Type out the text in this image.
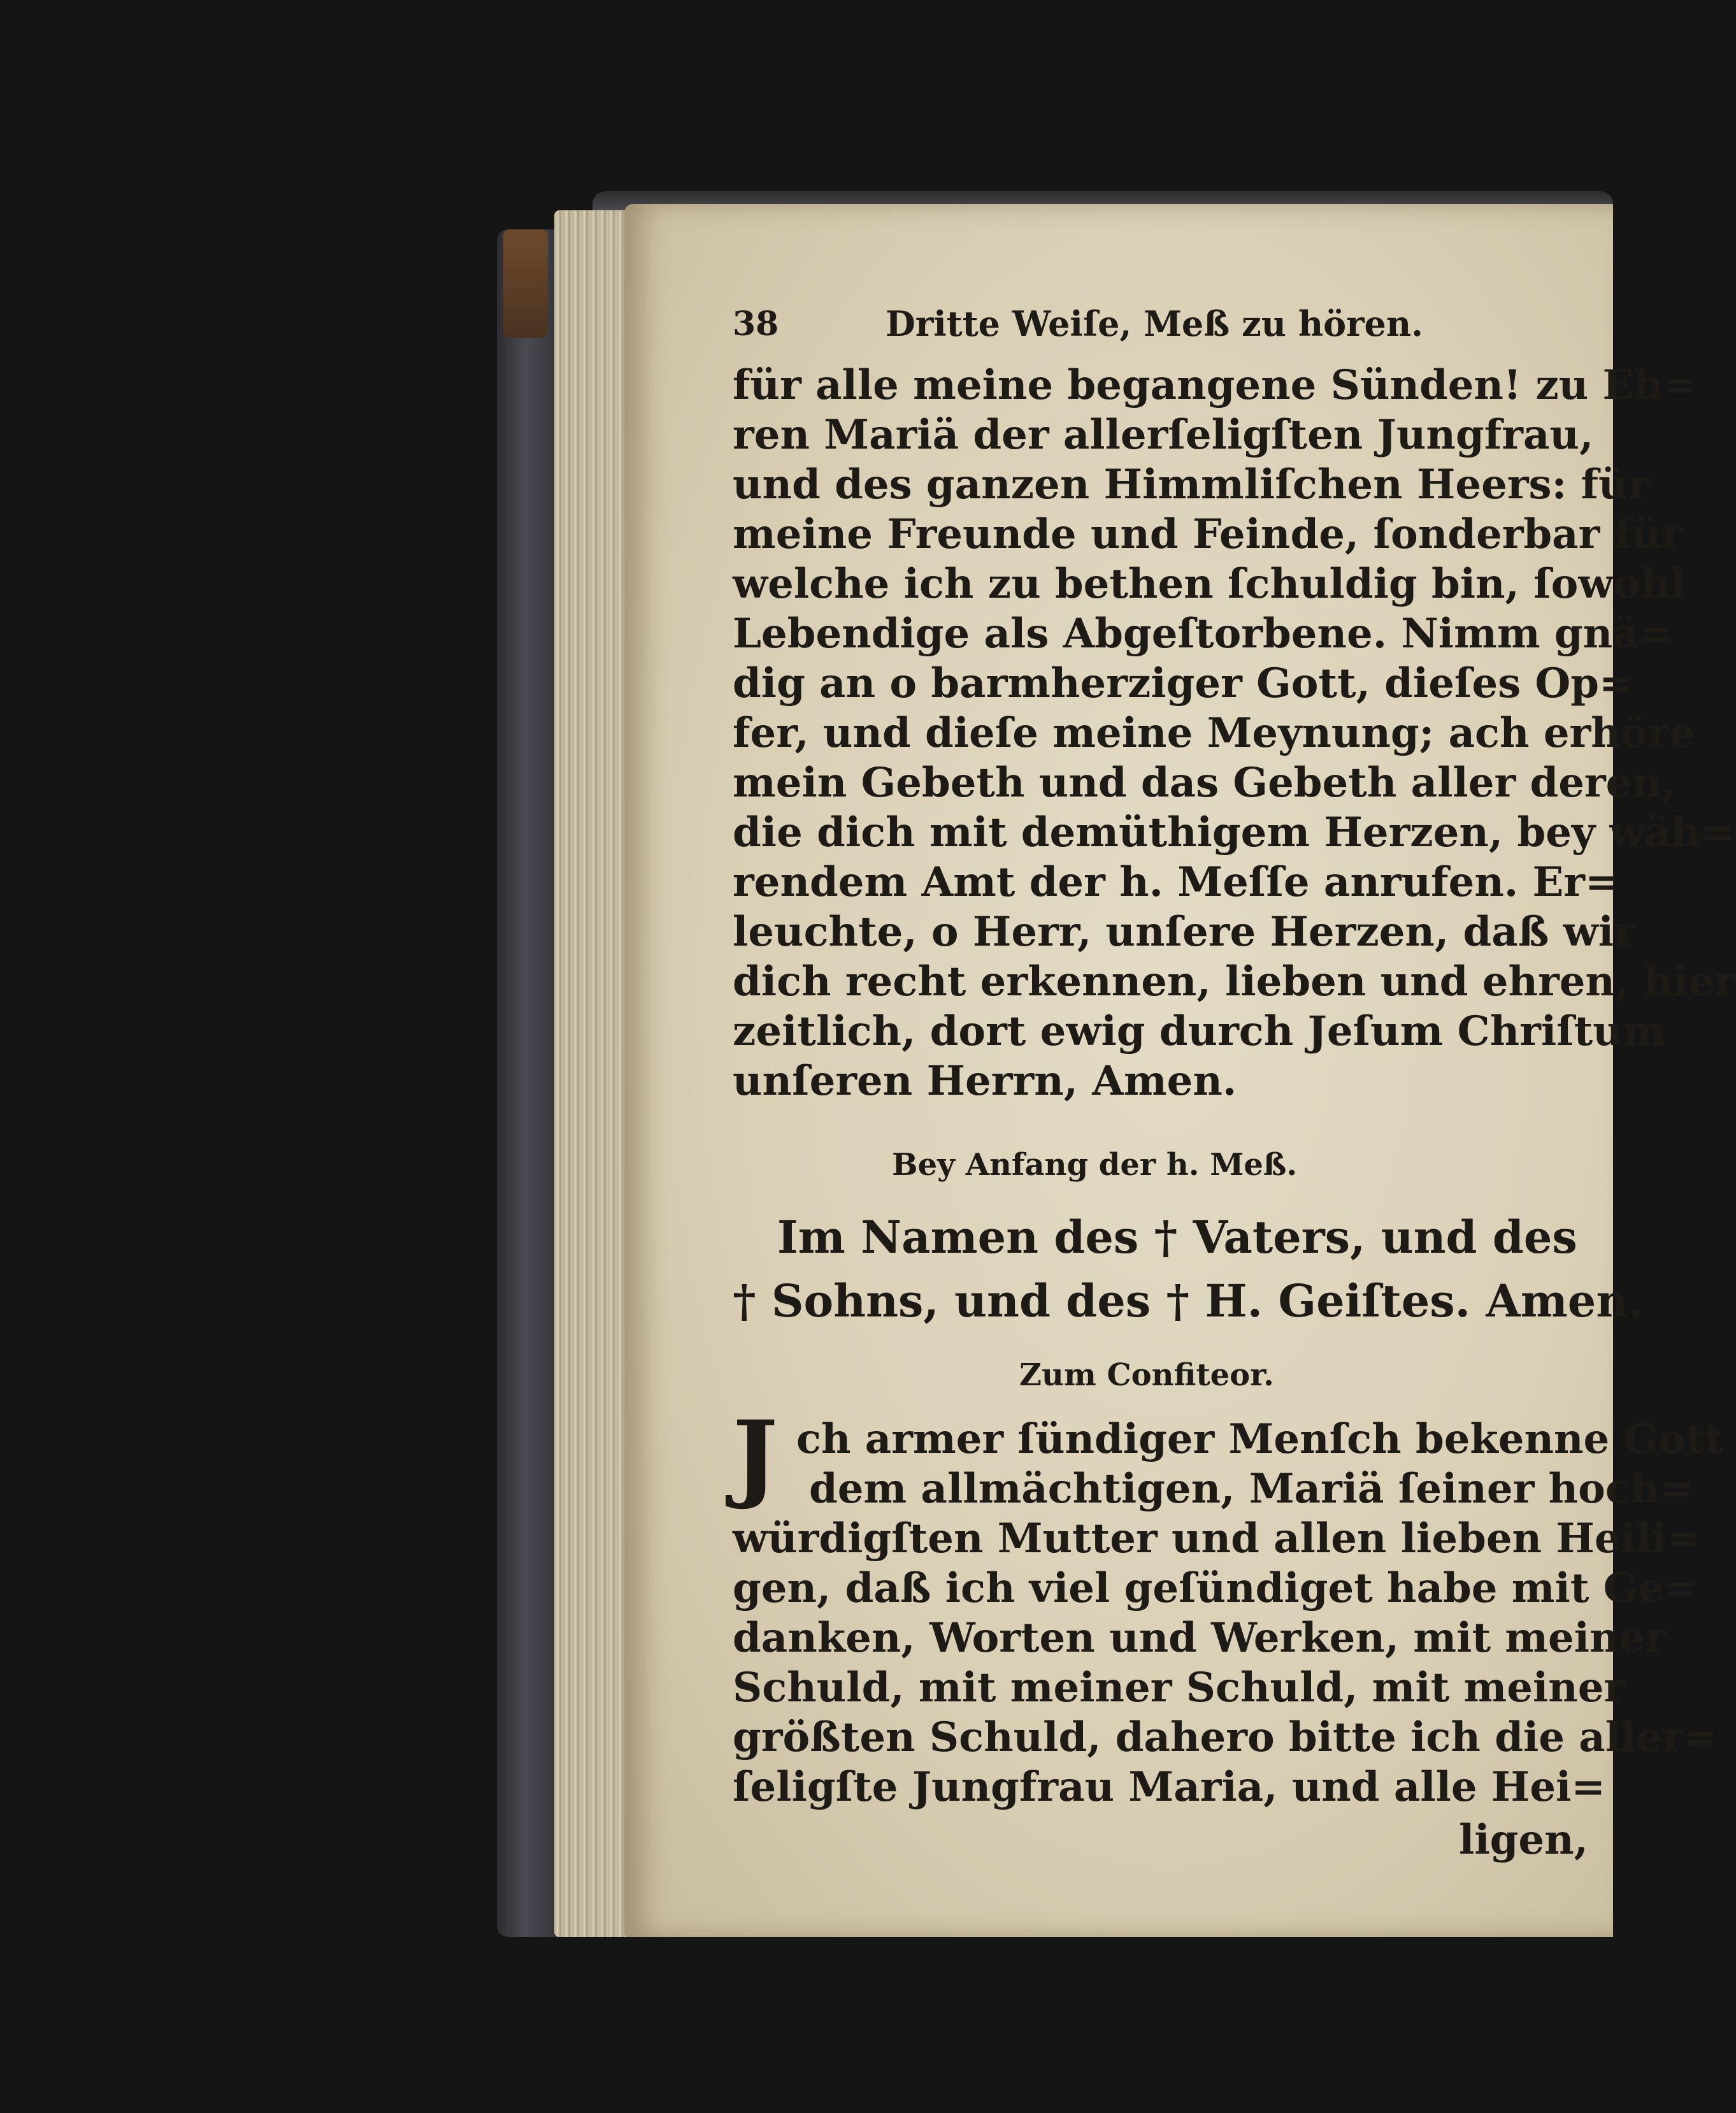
38	Dritte Weiſe, Meß zu hören.
für alle meine begangene Sünden! zu Eh=
ren Mariä der allerſeligſten Jungfrau,
und des ganzen Himmliſchen Heers: für
meine Freunde und Feinde, ſonderbar für
welche ich zu bethen ſchuldig bin, ſowohl
Lebendige als Abgeſtorbene. Nimm gnä=
dig an o barmherziger Gott, dieſes Op=
fer, und dieſe meine Meynung; ach erhöre
mein Gebeth und das Gebeth aller deren,
die dich mit demüthigem Herzen, bey wäh=
rendem Amt der h. Meſſe anrufen. Er=
leuchte, o Herr, unſere Herzen, daß wir
dich recht erkennen, lieben und ehren, hier
zeitlich, dort ewig durch Jeſum Chriſtum
unſeren Herrn, Amen.
Bey Anfang der h. Meß.
Im Namen des † Vaters, und des
† Sohns, und des † H. Geiſtes. Amen.
Zum Confiteor.
J ch armer ſündiger Menſch bekenne Gott
dem allmächtigen, Mariä ſeiner hoch=
würdigſten Mutter und allen lieben Heili=
gen, daß ich viel geſündiget habe mit Ge=
danken, Worten und Werken, mit meiner
Schuld, mit meiner Schuld, mit meiner
größten Schuld, dahero bitte ich die aller=
ſeligſte Jungfrau Maria, und alle Hei=
ligen,
